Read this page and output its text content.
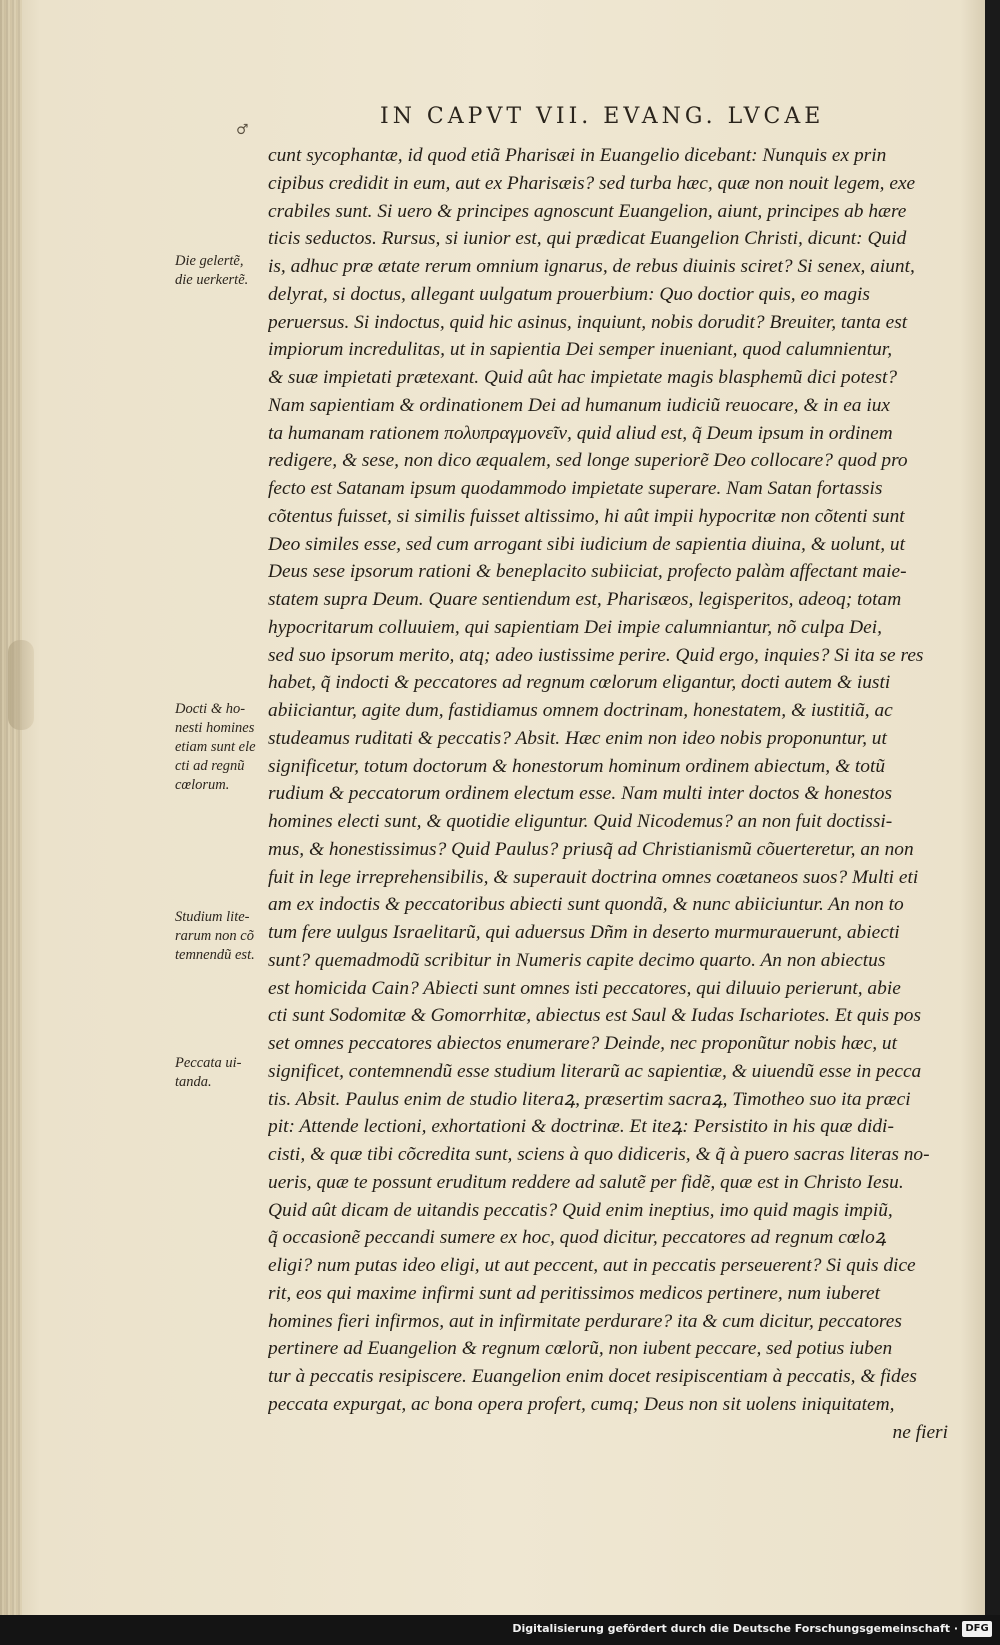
IN CAPVT VII. EVANG. LVCAE
♂
cunt sycophantæ, id quod etiã Pharisæi in Euangelio dicebant: Nunquis ex prin
cipibus credidit in eum, aut ex Pharisæis? sed turba hæc, quæ non nouit legem, exe
crabiles sunt. Si uero & principes agnoscunt Euangelion, aiunt, principes ab hære
ticis seductos. Rursus, si iunior est, qui prædicat Euangelion Christi, dicunt: Quid
is, adhuc præ ætate rerum omnium ignarus, de rebus diuinis sciret? Si senex, aiunt,
delyrat, si doctus, allegant uulgatum prouerbium: Quo doctior quis, eo magis
peruersus. Si indoctus, quid hic asinus, inquiunt, nobis dorudit? Breuiter, tanta est
impiorum incredulitas, ut in sapientia Dei semper inueniant, quod calumnientur,
& suæ impietati prætexant. Quid aût hac impietate magis blasphemũ dici potest?
Nam sapientiam & ordinationem Dei ad humanum iudiciũ reuocare, & in ea iux
ta humanam rationem πολυπραγμονεῖν, quid aliud est, q̃ Deum ipsum in ordinem
redigere, & sese, non dico æqualem, sed longe superiorẽ Deo collocare? quod pro
fecto est Satanam ipsum quodammodo impietate superare. Nam Satan fortassis
cõtentus fuisset, si similis fuisset altissimo, hi aût impii hypocritæ non cõtenti sunt
Deo similes esse, sed cum arrogant sibi iudicium de sapientia diuina, & uolunt, ut
Deus sese ipsorum rationi & beneplacito subiiciat, profecto palàm affectant maie-
statem supra Deum. Quare sentiendum est, Pharisæos, legisperitos, adeoq; totam
hypocritarum colluuiem, qui sapientiam Dei impie calumniantur, nõ culpa Dei,
sed suo ipsorum merito, atq; adeo iustissime perire. Quid ergo, inquies? Si ita se res
habet, q̃ indocti & peccatores ad regnum cœlorum eligantur, docti autem & iusti
abiiciantur, agite dum, fastidiamus omnem doctrinam, honestatem, & iustitiã, ac
studeamus ruditati & peccatis? Absit. Hæc enim non ideo nobis proponuntur, ut
significetur, totum doctorum & honestorum hominum ordinem abiectum, & totũ
rudium & peccatorum ordinem electum esse. Nam multi inter doctos & honestos
homines electi sunt, & quotidie eliguntur. Quid Nicodemus? an non fuit doctissi-
mus, & honestissimus? Quid Paulus? priusq̃ ad Christianismũ cõuerteretur, an non
fuit in lege irreprehensibilis, & superauit doctrina omnes coætaneos suos? Multi eti
am ex indoctis & peccatoribus abiecti sunt quondã, & nunc abiiciuntur. An non to
tum fere uulgus Israelitarũ, qui aduersus Dñm in deserto murmurauerunt, abiecti
sunt? quemadmodũ scribitur in Numeris capite decimo quarto. An non abiectus
est homicida Cain? Abiecti sunt omnes isti peccatores, qui diluuio perierunt, abie
cti sunt Sodomitæ & Gomorrhitæ, abiectus est Saul & Iudas Ischariotes. Et quis pos
set omnes peccatores abiectos enumerare? Deinde, nec proponũtur nobis hæc, ut
significet, contemnendũ esse studium literarũ ac sapientiæ, & uiuendũ esse in pecca
tis. Absit. Paulus enim de studio literaꝝ, præsertim sacraꝝ, Timotheo suo ita præci
pit: Attende lectioni, exhortationi & doctrinæ. Et iteꝝ: Persistito in his quæ didi-
cisti, & quæ tibi cõcredita sunt, sciens à quo didiceris, & q̃ à puero sacras literas no-
ueris, quæ te possunt eruditum reddere ad salutẽ per fidẽ, quæ est in Christo Iesu.
Quid aût dicam de uitandis peccatis? Quid enim ineptius, imo quid magis impiũ,
q̃ occasionẽ peccandi sumere ex hoc, quod dicitur, peccatores ad regnum cœloꝝ
eligi? num putas ideo eligi, ut aut peccent, aut in peccatis perseuerent? Si quis dice
rit, eos qui maxime infirmi sunt ad peritissimos medicos pertinere, num iuberet
homines fieri infirmos, aut in infirmitate perdurare? ita & cum dicitur, peccatores
pertinere ad Euangelion & regnum cœlorũ, non iubent peccare, sed potius iuben
tur à peccatis resipiscere. Euangelion enim docet resipiscentiam à peccatis, & fides
peccata expurgat, ac bona opera profert, cumq; Deus non sit uolens iniquitatem,
ne fieri
Die gelertẽ,
die uerkertẽ.
Docti & ho-
nesti homines
etiam sunt ele
cti ad regnũ
cœlorum.
Studium lite-
rarum non cõ
temnendũ est.
Peccata ui-
tanda.
Digitalisierung gefördert durch die Deutsche Forschungsgemeinschaft · DFG
